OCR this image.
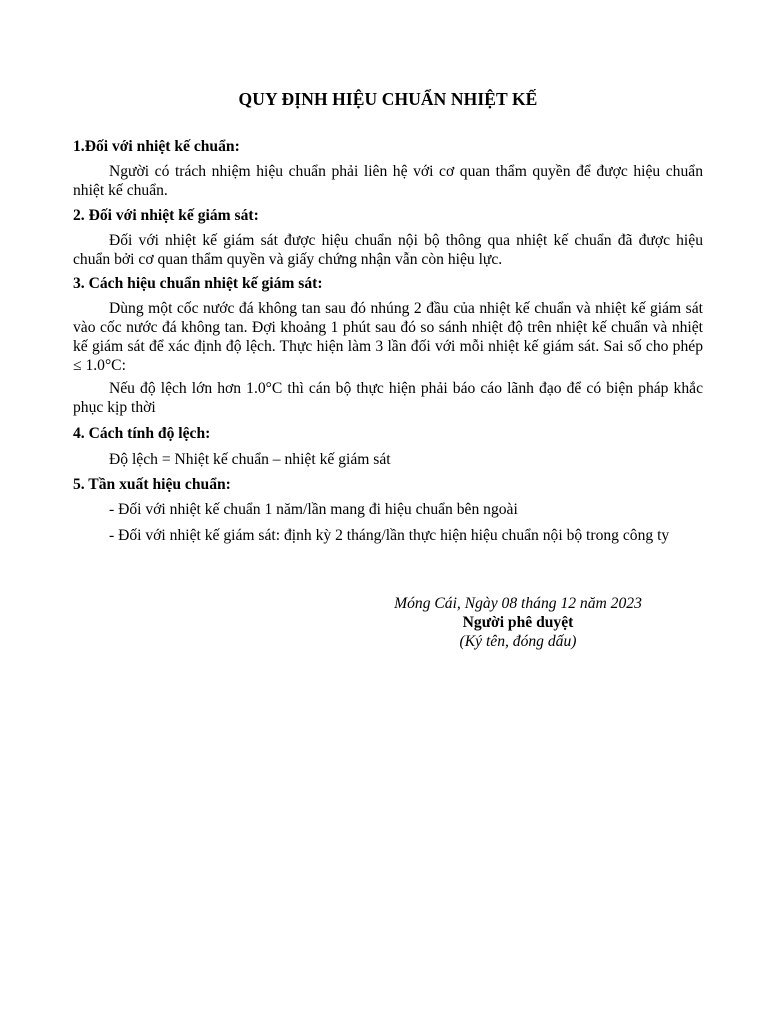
QUY ĐỊNH HIỆU CHUẨN NHIỆT KẾ
1.Đối với nhiệt kế chuẩn:
Người có trách nhiệm hiệu chuẩn phải liên hệ với cơ quan thẩm quyền để được hiệu chuẩn nhiệt kế chuẩn.
2. Đối với nhiệt kế giám sát:
Đối với nhiệt kế giám sát được hiệu chuẩn nội bộ thông qua nhiệt kế chuẩn đã được hiệu chuẩn bởi cơ quan thẩm quyền và giấy chứng nhận vẫn còn hiệu lực.
3. Cách hiệu chuẩn nhiệt kế giám sát:
Dùng một cốc nước đá không tan sau đó nhúng 2 đầu của nhiệt kế chuẩn và nhiệt kế giám sát vào cốc nước đá không tan. Đợi khoảng 1 phút sau đó so sánh nhiệt độ trên nhiệt kế chuẩn và nhiệt kế giám sát để xác định độ lệch. Thực hiện làm 3 lần đối với mỗi nhiệt kế giám sát. Sai số cho phép ≤ 1.0°C:
Nếu độ lệch lớn hơn 1.0°C thì cán bộ thực hiện phải báo cáo lãnh đạo để có biện pháp khắc phục kịp thời
4. Cách tính độ lệch:
Độ lệch = Nhiệt kế chuẩn – nhiệt kế giám sát
5. Tần xuất hiệu chuẩn:
- Đối với nhiệt kế chuẩn 1 năm/lần mang đi hiệu chuẩn bên ngoài
- Đối với nhiệt kế giám sát: định kỳ 2 tháng/lần thực hiện hiệu chuẩn nội bộ trong công ty
Móng Cái, Ngày 08 tháng 12 năm 2023
Người phê duyệt
(Ký tên, đóng dấu)
